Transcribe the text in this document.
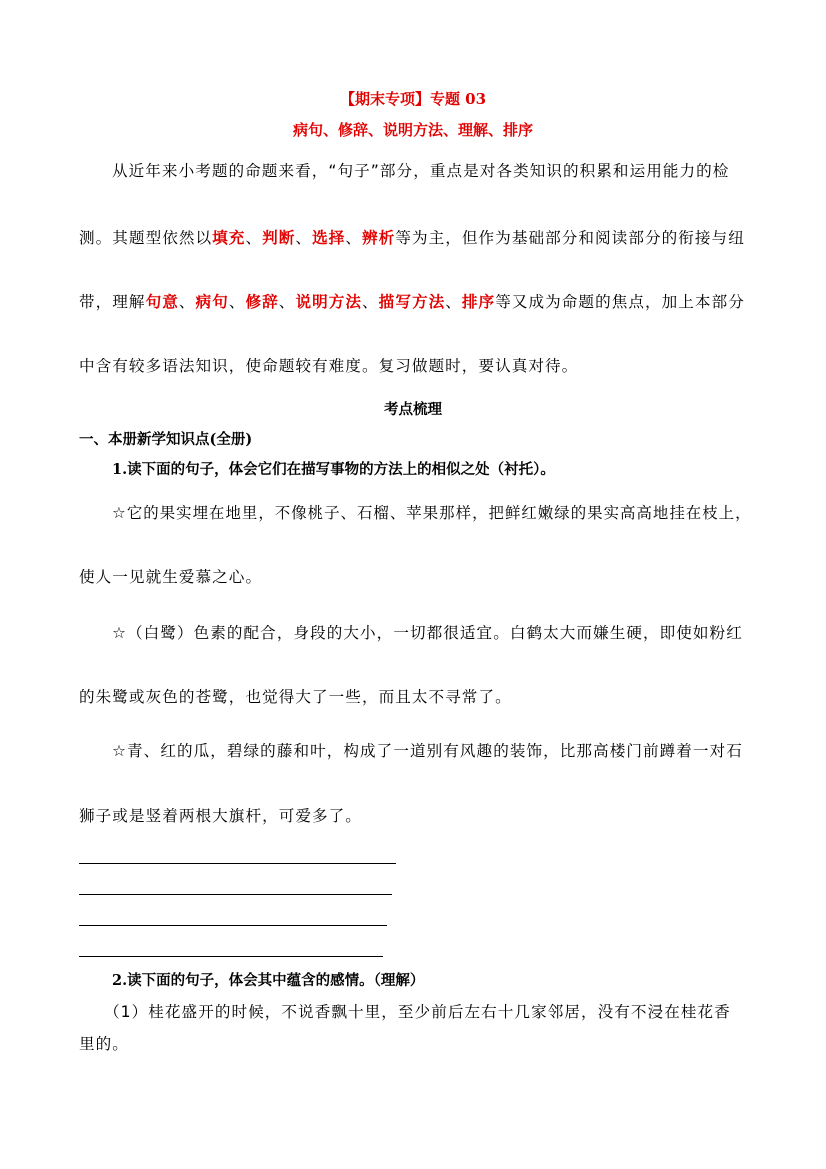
【期末专项】专题 03
病句、修辞、说明方法、理解、排序
从近年来小考题的命题来看，“句子”部分，重点是对各类知识的积累和运用能力的检
测。其题型依然以填充、判断、选择、辨析等为主，但作为基础部分和阅读部分的衔接与纽
带，理解句意、病句、修辞、说明方法、描写方法、排序等又成为命题的焦点，加上本部分
中含有较多语法知识，使命题较有难度。复习做题时，要认真对待。
考点梳理
一、本册新学知识点(全册)
1.读下面的句子，体会它们在描写事物的方法上的相似之处（衬托）。
☆它的果实埋在地里，不像桃子、石榴、苹果那样，把鲜红嫩绿的果实高高地挂在枝上，
使人一见就生爱慕之心。
☆（白鹭）色素的配合，身段的大小，一切都很适宜。白鹤太大而嫌生硬，即使如粉红
的朱鹭或灰色的苍鹭，也觉得大了一些，而且太不寻常了。
☆青、红的瓜，碧绿的藤和叶，构成了一道别有风趣的装饰，比那高楼门前蹲着一对石
狮子或是竖着两根大旗杆，可爱多了。
2.读下面的句子，体会其中蕴含的感情。（理解）
（1）桂花盛开的时候，不说香飘十里，至少前后左右十几家邻居，没有不浸在桂花香
里的。
